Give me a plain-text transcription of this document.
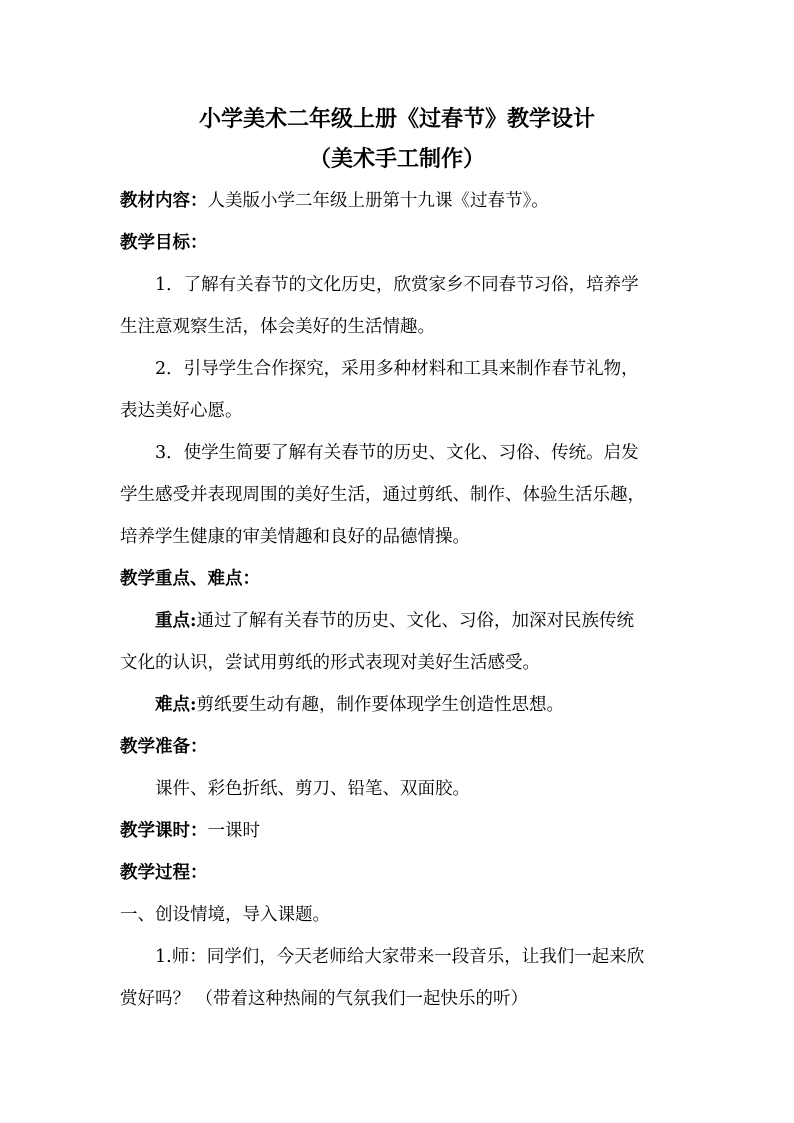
小学美术二年级上册《过春节》教学设计
（美术手工制作）
教材内容：人美版小学二年级上册第十九课《过春节》。
教学目标：
1．了解有关春节的文化历史，欣赏家乡不同春节习俗，培养学
生注意观察生活，体会美好的生活情趣。
2．引导学生合作探究，采用多种材料和工具来制作春节礼物，
表达美好心愿。
3．使学生简要了解有关春节的历史、文化、习俗、传统。启发
学生感受并表现周围的美好生活，通过剪纸、制作、体验生活乐趣，
培养学生健康的审美情趣和良好的品德情操。
教学重点、难点：
重点:通过了解有关春节的历史、文化、习俗，加深对民族传统
文化的认识，尝试用剪纸的形式表现对美好生活感受。
难点:剪纸要生动有趣，制作要体现学生创造性思想。
教学准备：
课件、彩色折纸、剪刀、铅笔、双面胶。
教学课时：一课时
教学过程：
一、创设情境，导入课题。
1.师：同学们，今天老师给大家带来一段音乐，让我们一起来欣
赏好吗？ （带着这种热闹的气氛我们一起快乐的听）
